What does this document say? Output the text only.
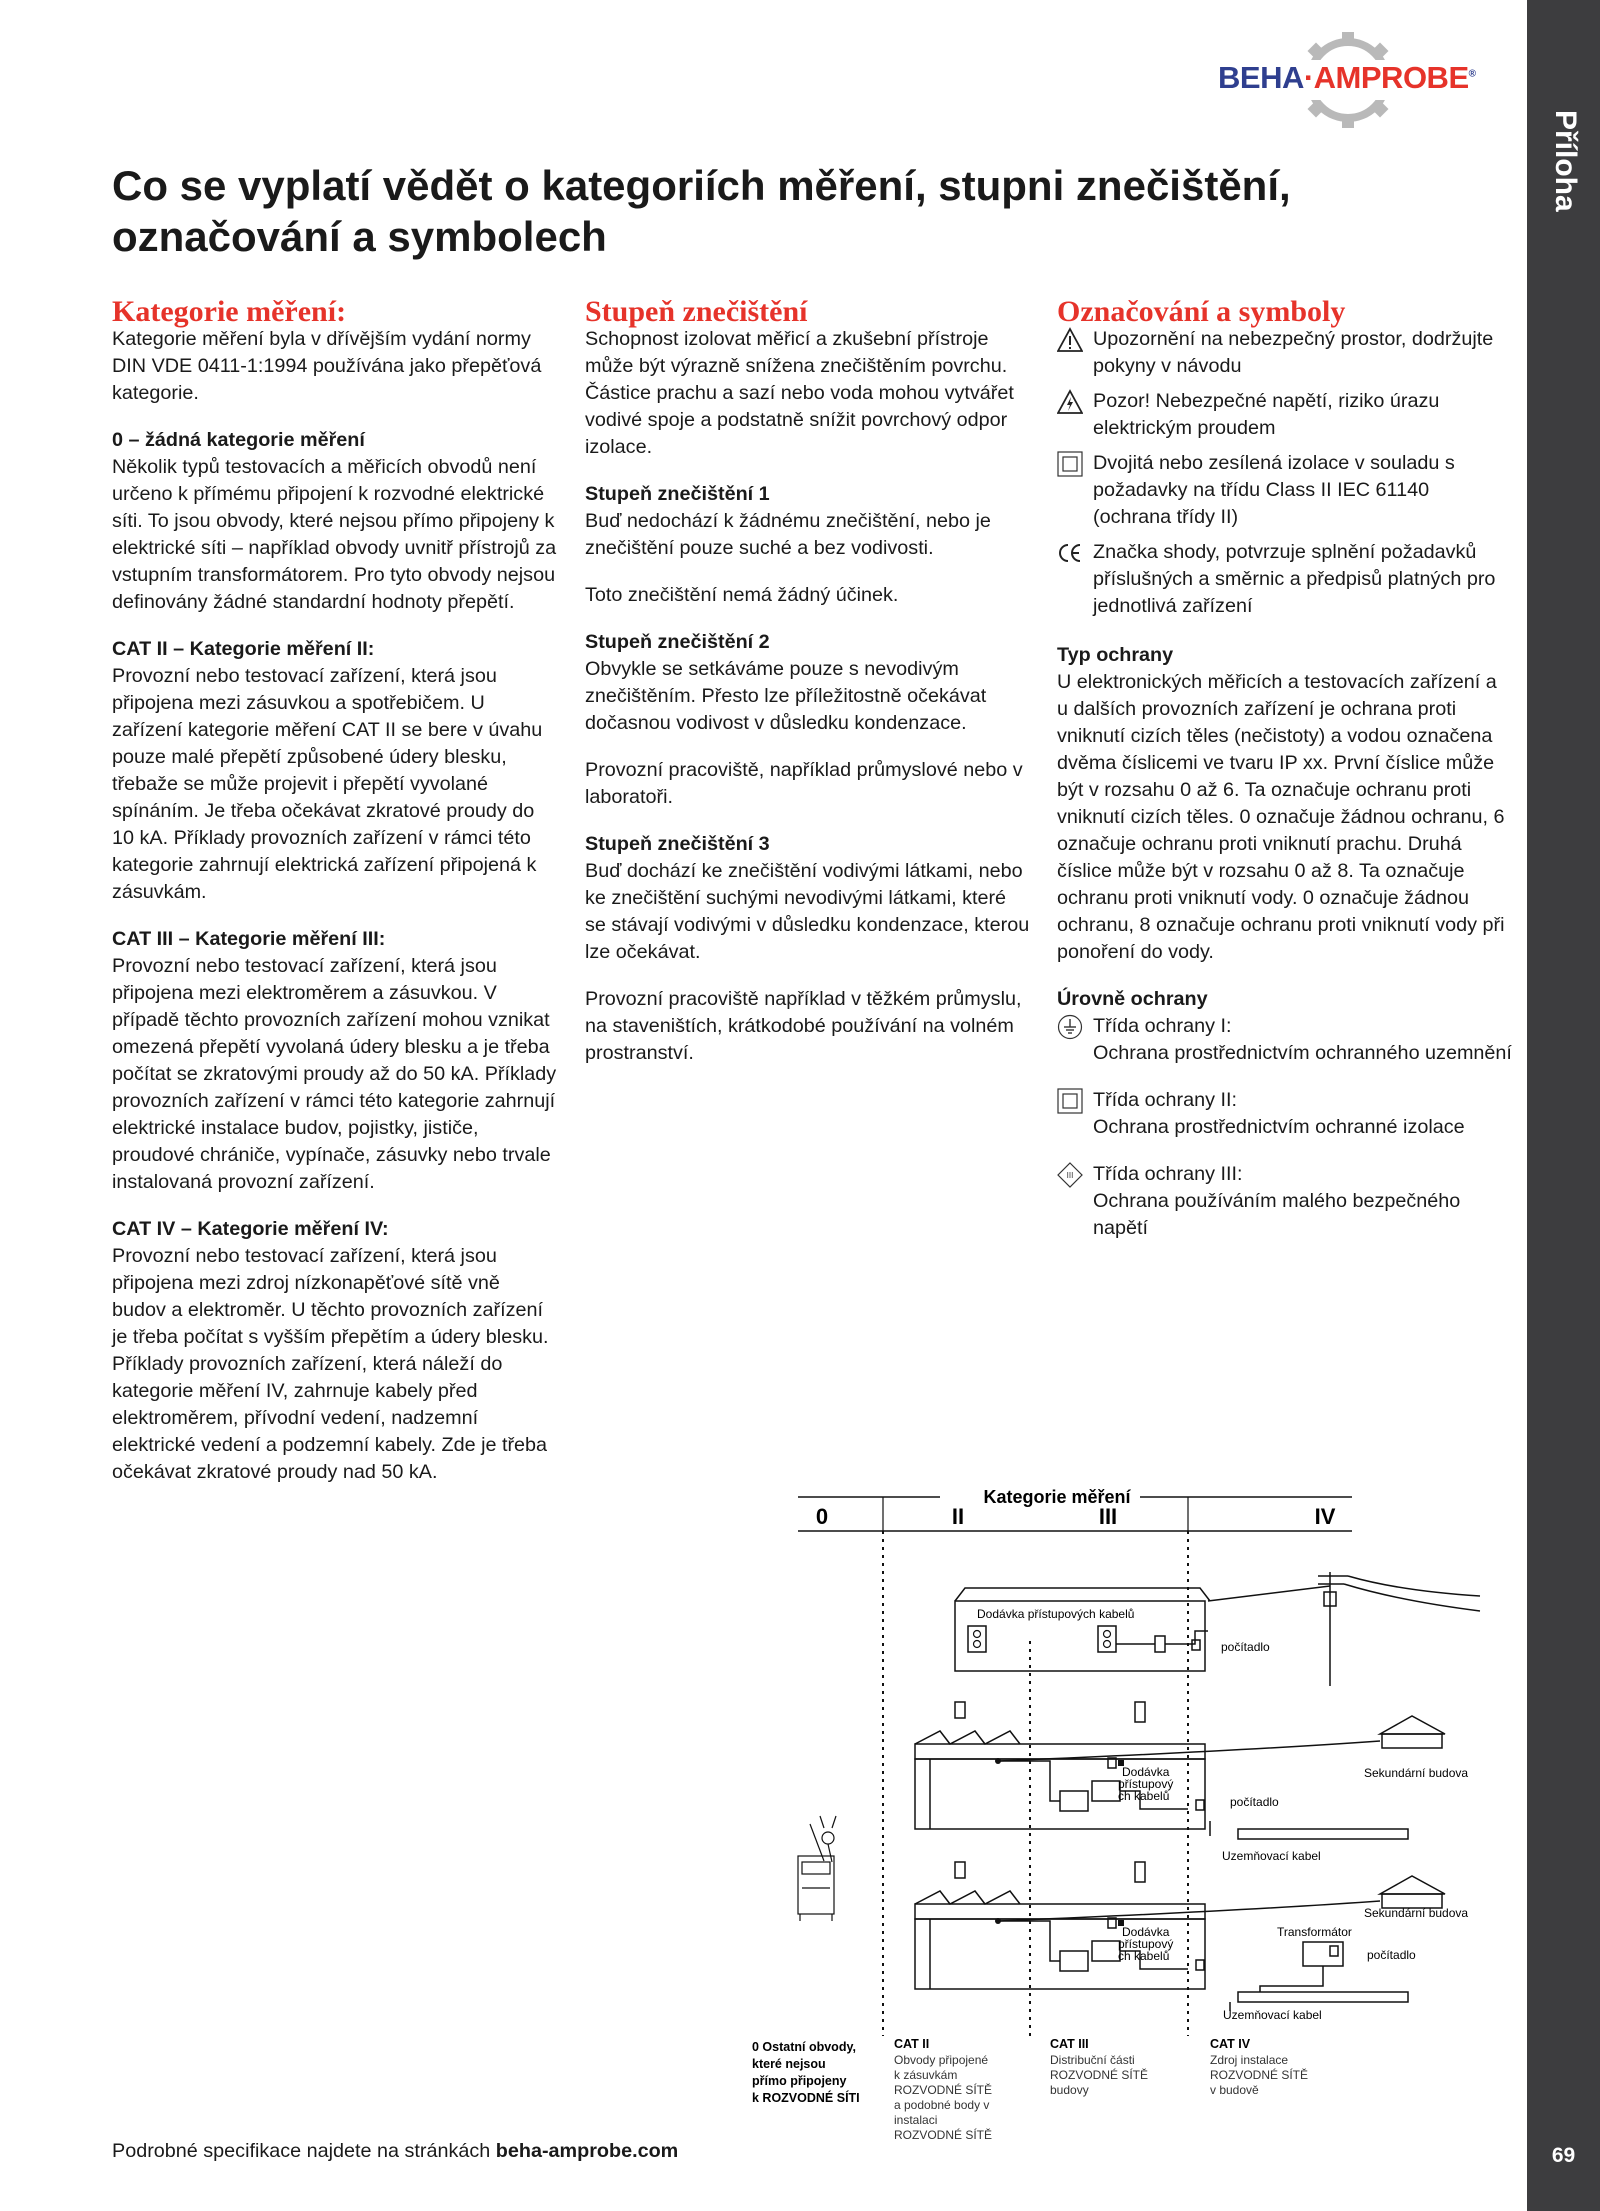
Příloha
69
BEHA·AMPROBE®
Co se vyplatí vědět o kategoriích měření, stupni znečištění, označování a symbolech
Kategorie měření:

Kategorie měření byla v dřívějším vydání normy DIN VDE 0411-1:1994 používána jako přepěťová kategorie.

0 – žádná kategorie měření

Několik typů testovacích a měřicích obvodů není určeno k přímému připojení k rozvodné elektrické síti. To jsou obvody, které nejsou přímo připojeny k elektrické síti – například obvody uvnitř přístrojů za vstupním transformátorem. Pro tyto obvody nejsou definovány žádné standardní hodnoty přepětí.

CAT II – Kategorie měření II:

Provozní nebo testovací zařízení, která jsou připojena mezi zásuvkou a spotřebičem. U zařízení kategorie měření CAT II se bere v úvahu pouze malé přepětí způsobené údery blesku, třebaže se může projevit i přepětí vyvolané spínáním. Je třeba očekávat zkratové proudy do 10 kA. Příklady provozních zařízení v rámci této kategorie zahrnují elektrická zařízení připojená k zásuvkám.

CAT III – Kategorie měření III:

Provozní nebo testovací zařízení, která jsou připojena mezi elektroměrem a zásuvkou. V případě těchto provozních zařízení mohou vznikat omezená přepětí vyvolaná údery blesku a je třeba počítat se zkratovými proudy až do 50 kA. Příklady provozních zařízení v rámci této kategorie zahrnují elektrické instalace budov, pojistky, jističe, proudové chrániče, vypínače, zásuvky nebo trvale instalovaná provozní zařízení.

CAT IV – Kategorie měření IV:

Provozní nebo testovací zařízení, která jsou připojena mezi zdroj nízkonapěťové sítě vně budov a elektroměr. U těchto provozních zařízení je třeba počítat s vyšším přepětím a údery blesku. Příklady provozních zařízení, která náleží do kategorie měření IV, zahrnuje kabely před elektroměrem, přívodní vedení, nadzemní elektrické vedení a podzemní kabely. Zde je třeba očekávat zkratové proudy nad 50 kA.

Stupeň znečištění

Schopnost izolovat měřicí a zkušební přístroje může být výrazně snížena znečištěním povrchu. Částice prachu a sazí nebo voda mohou vytvářet vodivé spoje a podstatně snížit povrchový odpor izolace.

Stupeň znečištění 1

Buď nedochází k žádnému znečištění, nebo je znečištění pouze suché a bez vodivosti.

Toto znečištění nemá žádný účinek.

Stupeň znečištění 2

Obvykle se setkáváme pouze s nevodivým znečištěním. Přesto lze příležitostně očekávat dočasnou vodivost v důsledku kondenzace.

Provozní pracoviště, například průmyslové nebo v laboratoři.

Stupeň znečištění 3

Buď dochází ke znečištění vodivými látkami, nebo ke znečištění suchými nevodivými látkami, které se stávají vodivými v důsledku kondenzace, kterou lze očekávat.

Provozní pracoviště například v těžkém průmyslu, na staveništích, krátkodobé používání na volném prostranství.

Označování a symboly
Upozornění na nebezpečný prostor, dodržujte pokyny v návodu
Pozor! Nebezpečné napětí, riziko úrazu elektrickým proudem
Dvojitá nebo zesílená izolace v souladu s požadavky na třídu Class II IEC 61140 (ochrana třídy II)
Značka shody, potvrzuje splnění požadavků příslušných a směrnic a předpisů platných pro jednotlivá zařízení
Typ ochrany

U elektronických měřicích a testovacích zařízení a u dalších provozních zařízení je ochrana proti vniknutí cizích těles (nečistoty) a vodou označena dvěma číslicemi ve tvaru IP xx. První číslice může být v rozsahu 0 až 6. Ta označuje ochranu proti vniknutí cizích těles. 0 označuje žádnou ochranu, 6 označuje ochranu proti vniknutí prachu. Druhá číslice může být v rozsahu 0 až 8. Ta označuje ochranu proti vniknutí vody. 0 označuje žádnou ochranu, 8 označuje ochranu proti vniknutí vody při ponoření do vody.

Úrovně ochrany
Třída ochrany I:
Ochrana prostřednictvím ochranného uzemnění
Třída ochrany II:
Ochrana prostřednictvím ochranné izolace
III Třída ochrany III:
Ochrana používáním malého bezpečného napětí
Kategorie měření
0	II	III	IV
Dodávka přístupových kabelů
počítadlo
Dodávka
přístupový
ch kabelů	počítadlo
Sekundární budova
Uzemňovací kabel
Dodávka
přístupový
ch kabelů
Sekundární budova
Transformátor
počítadlo
Uzemňovací kabel
0 Ostatní obvody,
které nejsou
přímo připojeny
k ROZVODNÉ SÍTI
CAT II	CAT III	CAT IV
Obvody připojené
k zásuvkám
ROZVODNÉ SÍTĚ
a podobné body v
instalaci
ROZVODNÉ SÍTĚ
Distribuční části
ROZVODNÉ SÍTĚ
budovy
Zdroj instalace
ROZVODNÉ SÍTĚ
v budově
Podrobné specifikace najdete na stránkách beha-amprobe.com
